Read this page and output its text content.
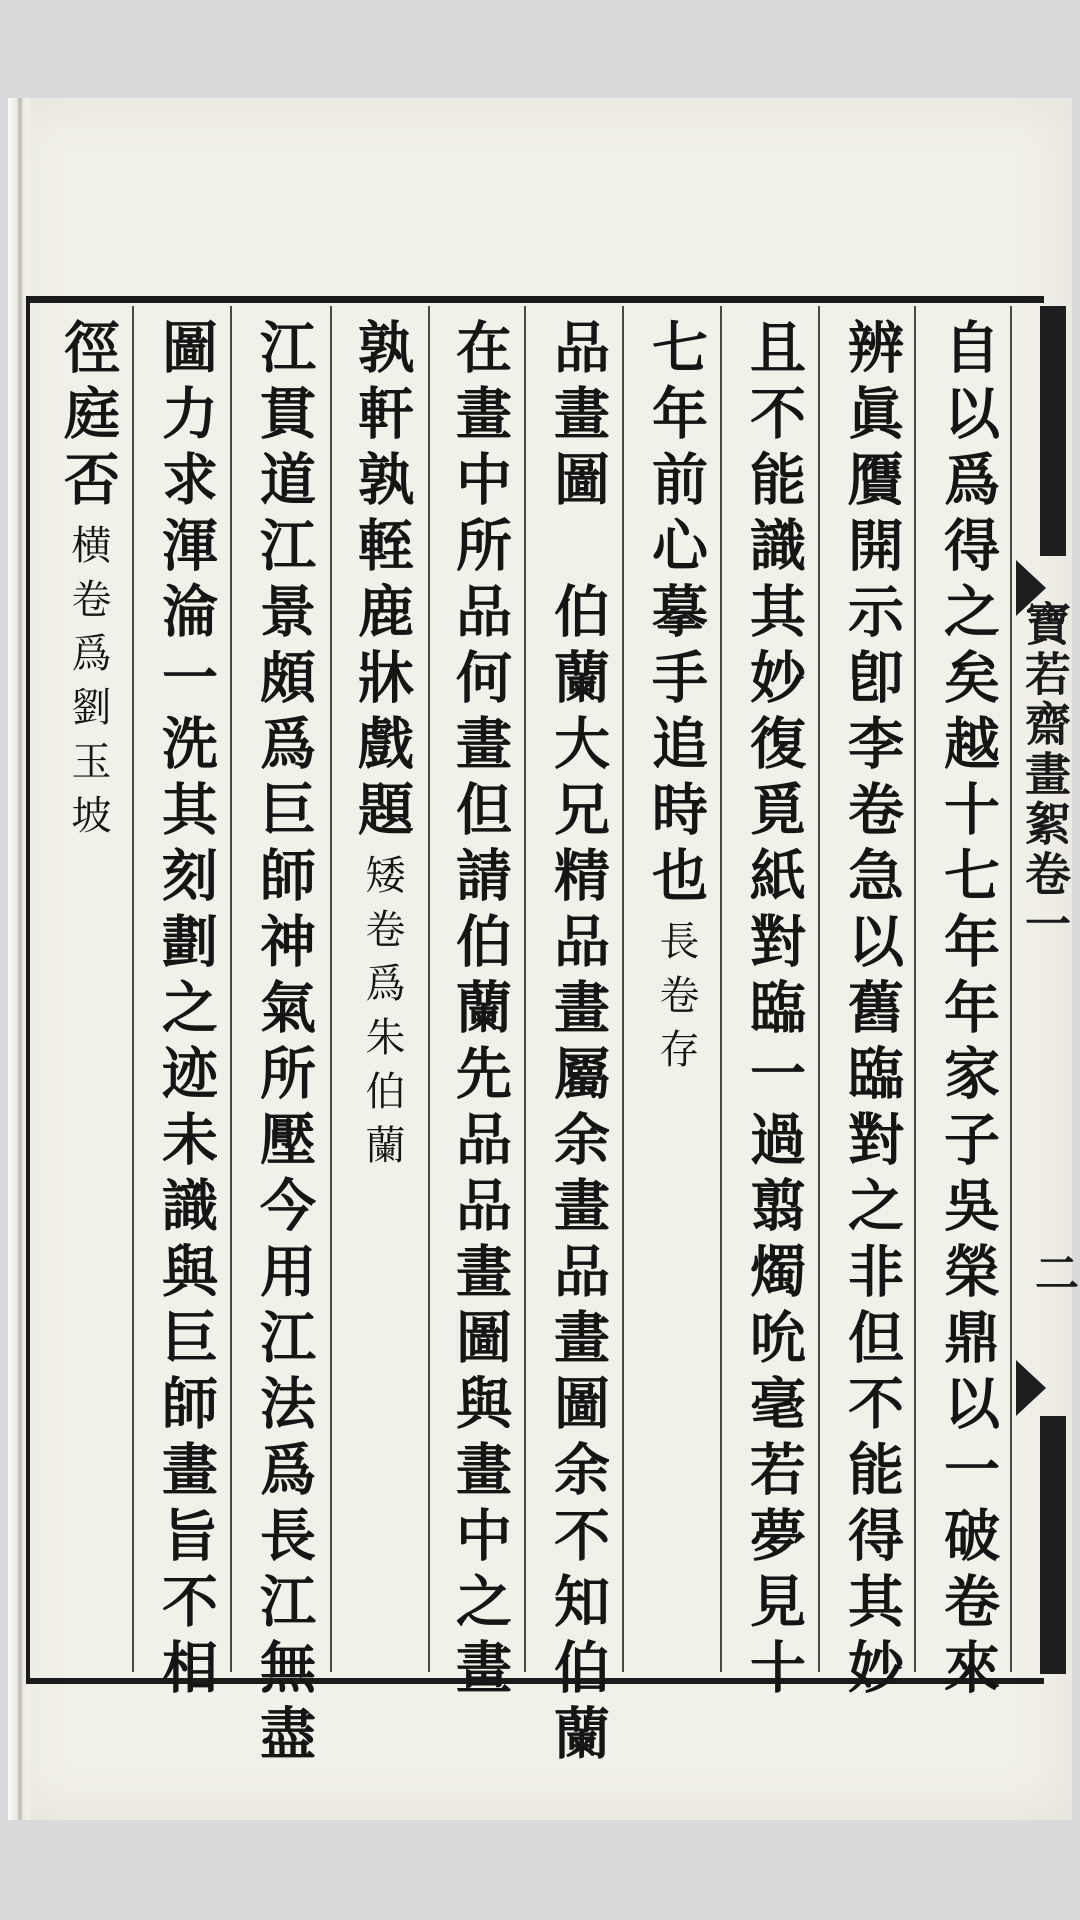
寶若齋畫絮卷一
二
自以爲得之矣越十七年年家子吳榮鼎以一破卷來
辨眞贋開示卽李卷急以舊臨對之非但不能得其妙
且不能識其妙復覓紙對臨一過翦燭吮毫若夢見十
七年前心摹手追時也
長卷存
品畫圖　伯蘭大兄精品畫屬余畫品畫圖余不知伯蘭
在畫中所品何畫但請伯蘭先品品畫圖與畫中之畫
孰軒孰輊鹿牀戲題
矮卷爲朱伯蘭
江貫道江景頗爲巨師神氣所壓今用江法爲長江無盡
圖力求渾淪一洗其刻劃之迹未識與巨師畫旨不相
徑庭否
横卷爲劉玉坡
